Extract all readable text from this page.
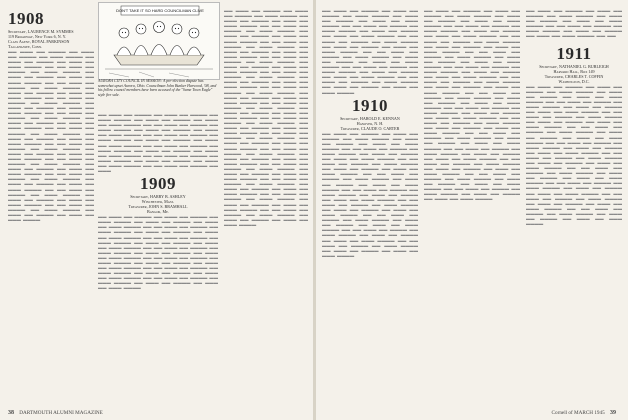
1908

Secretary, LAURENCE M. SYMMES

119 Broadway, New York 6, N. Y.

Class Agent, ROYAL PARKINSON

Tallahassee, Conn.

▬▬ ▬▬▬ ▬▬ ▬▬▬▬ ▬▬ ▬▬▬ ▬▬ ▬▬▬▬ ▬▬ ▬▬▬ ▬▬▬▬ ▬▬ ▬▬▬ ▬▬ ▬▬▬▬ ▬▬ ▬▬▬ ▬▬ ▬▬▬ ▬▬▬▬ ▬▬ ▬▬ ▬▬▬ ▬▬ ▬▬▬▬ ▬▬ ▬▬▬ ▬▬▬▬ ▬▬ ▬▬▬ ▬▬ ▬▬▬▬ ▬▬ ▬▬▬ ▬▬ ▬▬▬ ▬▬▬▬ ▬▬ ▬▬ ▬▬▬ ▬▬ ▬▬▬▬ ▬▬ ▬▬▬ ▬▬▬▬ ▬▬ ▬▬▬ ▬▬ ▬▬▬▬ ▬▬ ▬▬▬ ▬▬ ▬▬▬ ▬▬▬▬ ▬▬ ▬▬ ▬▬▬ ▬▬ ▬▬▬▬ ▬▬ ▬▬▬ ▬▬▬▬ ▬▬ ▬▬▬ ▬▬ ▬▬▬▬ ▬▬ ▬▬▬ ▬▬ ▬▬▬ ▬▬▬▬ ▬▬ ▬▬ ▬▬▬ ▬▬ ▬▬▬▬ ▬▬ ▬▬▬ ▬▬▬▬ ▬▬ ▬▬▬ ▬▬ ▬▬▬▬ ▬▬ ▬▬▬ ▬▬ ▬▬▬ ▬▬▬▬ ▬▬ ▬▬ ▬▬▬ ▬▬ ▬▬▬▬ ▬▬ ▬▬▬ ▬▬▬▬ ▬▬ ▬▬▬ ▬▬ ▬▬▬▬ ▬▬ ▬▬▬ ▬▬ ▬▬▬ ▬▬▬▬ ▬▬ ▬▬ ▬▬▬ ▬▬ ▬▬▬▬ ▬▬ ▬▬▬ ▬▬▬▬ ▬▬ ▬▬▬ ▬▬ ▬▬▬▬ ▬▬ ▬▬▬ ▬▬ ▬▬▬ ▬▬▬▬ ▬▬ ▬▬ ▬▬▬ ▬▬ ▬▬▬▬ ▬▬ ▬▬▬ ▬▬▬▬ ▬▬ ▬▬▬ ▬▬ ▬▬▬▬ ▬▬ ▬▬▬ ▬▬ ▬▬▬ ▬▬▬▬ ▬▬ ▬▬ ▬▬▬ ▬▬ ▬▬▬▬ ▬▬ ▬▬▬ ▬▬▬▬ ▬▬ ▬▬▬ ▬▬ ▬▬▬▬ ▬▬ ▬▬▬ ▬▬ ▬▬▬ ▬▬▬▬ ▬▬ ▬▬ ▬▬▬ ▬▬ ▬▬▬▬ ▬▬ ▬▬▬ ▬▬▬▬ ▬▬ ▬▬▬ ▬▬ ▬▬▬▬ ▬▬ ▬▬▬ ▬▬ ▬▬▬ ▬▬▬▬ ▬▬ ▬▬ ▬▬▬ ▬▬ ▬▬▬▬ ▬▬ ▬▬▬ ▬▬▬▬ ▬▬ ▬▬▬ ▬▬ ▬▬▬▬ ▬▬ ▬▬▬ ▬▬ ▬▬▬ ▬▬▬▬
DON'T TAKE IT SO HARD COUNCILMAN CLIVE
AURORA CITY COUNCIL IN SESSION: A pre-election dispute has somewhat upset Aurora, Ohio. Councilman John Bunker Harwood, '08, and his fellow council members have been accused of the "Same Town Eagle" style fire sale.
▬▬ ▬▬▬ ▬▬ ▬▬▬▬ ▬▬ ▬▬▬ ▬▬ ▬▬▬▬ ▬▬ ▬▬▬ ▬▬▬▬ ▬▬ ▬▬▬ ▬▬ ▬▬▬▬ ▬▬ ▬▬▬ ▬▬ ▬▬▬ ▬▬▬▬ ▬▬ ▬▬ ▬▬▬ ▬▬ ▬▬▬▬ ▬▬ ▬▬▬ ▬▬▬▬ ▬▬ ▬▬▬ ▬▬ ▬▬▬▬ ▬▬ ▬▬▬ ▬▬ ▬▬▬ ▬▬▬▬ ▬▬ ▬▬ ▬▬▬ ▬▬ ▬▬▬▬ ▬▬ ▬▬▬ ▬▬▬▬ ▬▬ ▬▬▬ ▬▬ ▬▬▬▬ ▬▬ ▬▬▬ ▬▬ ▬▬▬ ▬▬▬▬ ▬▬ ▬▬ ▬▬▬ ▬▬ ▬▬▬▬ ▬▬ ▬▬▬ ▬▬▬▬ ▬▬ ▬▬▬ ▬▬ ▬▬▬▬ ▬▬ ▬▬▬ ▬▬ ▬▬▬ ▬▬▬▬ ▬▬ ▬▬ ▬▬▬ ▬▬ ▬▬▬▬ ▬▬ ▬▬▬ ▬▬▬▬ ▬▬ ▬▬▬ ▬▬ ▬▬▬▬ ▬▬ ▬▬▬ ▬▬ ▬▬▬ ▬▬▬▬ ▬▬ ▬▬ ▬▬▬ ▬▬ ▬▬▬▬ ▬▬ ▬▬▬
1909

Secretary, HARRY B. ASHLEY

Winchester, Mass.

Treasurer, JOHN S. BRAMHALL

Bangor, Me.

▬▬ ▬▬▬ ▬▬ ▬▬▬▬ ▬▬ ▬▬▬ ▬▬ ▬▬▬▬ ▬▬ ▬▬▬ ▬▬▬▬ ▬▬ ▬▬▬ ▬▬ ▬▬▬▬ ▬▬ ▬▬▬ ▬▬ ▬▬▬ ▬▬▬▬ ▬▬ ▬▬ ▬▬▬ ▬▬ ▬▬▬▬ ▬▬ ▬▬▬ ▬▬▬▬ ▬▬ ▬▬▬ ▬▬ ▬▬▬▬ ▬▬ ▬▬▬ ▬▬ ▬▬▬ ▬▬▬▬ ▬▬ ▬▬ ▬▬▬ ▬▬ ▬▬▬▬ ▬▬ ▬▬▬ ▬▬▬▬ ▬▬ ▬▬▬ ▬▬ ▬▬▬▬ ▬▬ ▬▬▬ ▬▬ ▬▬▬ ▬▬▬▬ ▬▬ ▬▬ ▬▬▬ ▬▬ ▬▬▬▬ ▬▬ ▬▬▬ ▬▬▬▬ ▬▬ ▬▬▬ ▬▬ ▬▬▬▬ ▬▬ ▬▬▬ ▬▬ ▬▬▬ ▬▬▬▬ ▬▬ ▬▬ ▬▬▬ ▬▬ ▬▬▬▬ ▬▬ ▬▬▬ ▬▬▬▬ ▬▬ ▬▬▬ ▬▬ ▬▬▬▬ ▬▬ ▬▬▬ ▬▬ ▬▬▬ ▬▬▬▬ ▬▬ ▬▬ ▬▬▬ ▬▬ ▬▬▬▬ ▬▬ ▬▬▬ ▬▬▬▬ ▬▬ ▬▬▬ ▬▬ ▬▬▬▬ ▬▬ ▬▬▬ ▬▬ ▬▬▬ ▬▬▬▬ ▬▬ ▬▬ ▬▬▬ ▬▬ ▬▬▬▬ ▬▬ ▬▬▬ ▬▬▬▬ ▬▬ ▬▬▬ ▬▬ ▬▬▬▬ ▬▬ ▬▬▬ ▬▬ ▬▬▬ ▬▬▬▬
▬▬ ▬▬▬ ▬▬ ▬▬▬▬ ▬▬ ▬▬▬ ▬▬ ▬▬▬▬ ▬▬ ▬▬▬ ▬▬▬▬ ▬▬ ▬▬▬ ▬▬ ▬▬▬▬ ▬▬ ▬▬▬ ▬▬ ▬▬▬ ▬▬▬▬ ▬▬ ▬▬ ▬▬▬ ▬▬ ▬▬▬▬ ▬▬ ▬▬▬ ▬▬▬▬ ▬▬ ▬▬▬ ▬▬ ▬▬▬▬ ▬▬ ▬▬▬ ▬▬ ▬▬▬ ▬▬▬▬ ▬▬ ▬▬ ▬▬▬ ▬▬ ▬▬▬▬ ▬▬ ▬▬▬ ▬▬▬▬ ▬▬ ▬▬▬ ▬▬ ▬▬▬▬ ▬▬ ▬▬▬ ▬▬ ▬▬▬ ▬▬▬▬ ▬▬ ▬▬ ▬▬▬ ▬▬ ▬▬▬▬ ▬▬ ▬▬▬ ▬▬▬▬ ▬▬ ▬▬▬ ▬▬ ▬▬▬▬ ▬▬ ▬▬▬ ▬▬ ▬▬▬ ▬▬▬▬ ▬▬ ▬▬ ▬▬▬ ▬▬ ▬▬▬▬ ▬▬ ▬▬▬ ▬▬▬▬ ▬▬ ▬▬▬ ▬▬ ▬▬▬▬ ▬▬ ▬▬▬ ▬▬ ▬▬▬ ▬▬▬▬ ▬▬ ▬▬ ▬▬▬ ▬▬ ▬▬▬▬ ▬▬ ▬▬▬ ▬▬▬▬ ▬▬ ▬▬▬ ▬▬ ▬▬▬▬ ▬▬ ▬▬▬ ▬▬ ▬▬▬ ▬▬▬▬ ▬▬ ▬▬ ▬▬▬ ▬▬ ▬▬▬▬ ▬▬ ▬▬▬ ▬▬▬▬ ▬▬ ▬▬▬ ▬▬ ▬▬▬▬ ▬▬ ▬▬▬ ▬▬ ▬▬▬ ▬▬▬▬ ▬▬ ▬▬ ▬▬▬ ▬▬ ▬▬▬▬ ▬▬ ▬▬▬ ▬▬▬▬ ▬▬ ▬▬▬ ▬▬ ▬▬▬▬ ▬▬ ▬▬▬ ▬▬ ▬▬▬ ▬▬▬▬ ▬▬ ▬▬ ▬▬▬ ▬▬ ▬▬▬▬ ▬▬ ▬▬▬ ▬▬▬▬ ▬▬ ▬▬▬ ▬▬ ▬▬▬▬ ▬▬ ▬▬▬ ▬▬ ▬▬▬ ▬▬▬▬ ▬▬ ▬▬ ▬▬▬ ▬▬ ▬▬▬▬ ▬▬ ▬▬▬ ▬▬▬▬ ▬▬ ▬▬▬ ▬▬ ▬▬▬▬ ▬▬ ▬▬▬ ▬▬ ▬▬▬ ▬▬▬▬ ▬▬ ▬▬ ▬▬▬ ▬▬ ▬▬▬▬ ▬▬ ▬▬▬ ▬▬▬▬ ▬▬ ▬▬▬ ▬▬ ▬▬▬▬ ▬▬ ▬▬▬ ▬▬ ▬▬▬ ▬▬▬▬ ▬▬ ▬▬ ▬▬▬ ▬▬ ▬▬▬▬ ▬▬ ▬▬▬ ▬▬▬▬ ▬▬ ▬▬▬ ▬▬ ▬▬▬▬ ▬▬ ▬▬▬ ▬▬ ▬▬▬ ▬▬▬▬ ▬▬ ▬▬ ▬▬▬ ▬▬ ▬▬▬▬ ▬▬ ▬▬▬ ▬▬▬▬ ▬▬ ▬▬▬ ▬▬ ▬▬▬▬ ▬▬ ▬▬▬ ▬▬ ▬▬▬ ▬▬▬▬ ▬▬ ▬▬ ▬▬▬ ▬▬ ▬▬▬▬ ▬▬ ▬▬▬ ▬▬▬▬ ▬▬ ▬▬▬ ▬▬ ▬▬▬▬ ▬▬ ▬▬▬ ▬▬ ▬▬▬ ▬▬▬▬
38 DARTMOUTH ALUMNI MAGAZINE
▬▬ ▬▬▬ ▬▬ ▬▬▬▬ ▬▬ ▬▬▬ ▬▬ ▬▬▬▬ ▬▬ ▬▬▬ ▬▬▬▬ ▬▬ ▬▬▬ ▬▬ ▬▬▬▬ ▬▬ ▬▬▬ ▬▬ ▬▬▬ ▬▬▬▬ ▬▬ ▬▬ ▬▬▬ ▬▬ ▬▬▬▬ ▬▬ ▬▬▬ ▬▬▬▬ ▬▬ ▬▬▬ ▬▬ ▬▬▬▬ ▬▬ ▬▬▬ ▬▬ ▬▬▬ ▬▬▬▬ ▬▬ ▬▬ ▬▬▬ ▬▬ ▬▬▬▬ ▬▬ ▬▬▬ ▬▬▬▬ ▬▬ ▬▬▬ ▬▬ ▬▬▬▬ ▬▬ ▬▬▬ ▬▬ ▬▬▬ ▬▬▬▬ ▬▬ ▬▬ ▬▬▬ ▬▬ ▬▬▬▬ ▬▬ ▬▬▬ ▬▬▬▬ ▬▬ ▬▬▬ ▬▬ ▬▬▬▬ ▬▬ ▬▬▬ ▬▬ ▬▬▬ ▬▬▬▬ ▬▬ ▬▬ ▬▬▬ ▬▬ ▬▬▬▬ ▬▬ ▬▬▬ ▬▬▬▬ ▬▬ ▬▬▬ ▬▬ ▬▬▬▬ ▬▬ ▬▬▬ ▬▬ ▬▬▬ ▬▬▬▬ ▬▬ ▬▬ ▬▬▬ ▬▬ ▬▬▬▬ ▬▬ ▬▬▬ ▬▬▬▬ ▬▬ ▬▬▬ ▬▬ ▬▬▬▬ ▬▬ ▬▬▬ ▬▬ ▬▬▬ ▬▬▬▬
1910

Secretary, HAROLD E. KENNAN

Hanover, N. H.

Treasurer, CLAUDE O. CARTER

▬▬ ▬▬▬ ▬▬ ▬▬▬▬ ▬▬ ▬▬▬ ▬▬ ▬▬▬▬ ▬▬ ▬▬▬ ▬▬▬▬ ▬▬ ▬▬▬ ▬▬ ▬▬▬▬ ▬▬ ▬▬▬ ▬▬ ▬▬▬ ▬▬▬▬ ▬▬ ▬▬ ▬▬▬ ▬▬ ▬▬▬▬ ▬▬ ▬▬▬ ▬▬▬▬ ▬▬ ▬▬▬ ▬▬ ▬▬▬▬ ▬▬ ▬▬▬ ▬▬ ▬▬▬ ▬▬▬▬ ▬▬ ▬▬ ▬▬▬ ▬▬ ▬▬▬▬ ▬▬ ▬▬▬ ▬▬▬▬ ▬▬ ▬▬▬ ▬▬ ▬▬▬▬ ▬▬ ▬▬▬ ▬▬ ▬▬▬ ▬▬▬▬ ▬▬ ▬▬ ▬▬▬ ▬▬ ▬▬▬▬ ▬▬ ▬▬▬ ▬▬▬▬ ▬▬ ▬▬▬ ▬▬ ▬▬▬▬ ▬▬ ▬▬▬ ▬▬ ▬▬▬ ▬▬▬▬ ▬▬ ▬▬ ▬▬▬ ▬▬ ▬▬▬▬ ▬▬ ▬▬▬ ▬▬▬▬ ▬▬ ▬▬▬ ▬▬ ▬▬▬▬ ▬▬ ▬▬▬ ▬▬ ▬▬▬ ▬▬▬▬ ▬▬ ▬▬ ▬▬▬ ▬▬ ▬▬▬▬ ▬▬ ▬▬▬ ▬▬▬▬ ▬▬ ▬▬▬ ▬▬ ▬▬▬▬ ▬▬ ▬▬▬ ▬▬ ▬▬▬ ▬▬▬▬ ▬▬ ▬▬ ▬▬▬ ▬▬ ▬▬▬▬ ▬▬ ▬▬▬ ▬▬▬▬ ▬▬ ▬▬▬ ▬▬ ▬▬▬▬ ▬▬ ▬▬▬ ▬▬ ▬▬▬ ▬▬▬▬ ▬▬ ▬▬ ▬▬▬ ▬▬ ▬▬▬▬ ▬▬ ▬▬▬ ▬▬▬▬ ▬▬ ▬▬▬ ▬▬ ▬▬▬▬ ▬▬ ▬▬▬ ▬▬ ▬▬▬ ▬▬▬▬ ▬▬ ▬▬ ▬▬▬ ▬▬ ▬▬▬▬ ▬▬ ▬▬▬ ▬▬▬▬ ▬▬ ▬▬▬ ▬▬ ▬▬▬▬ ▬▬ ▬▬▬ ▬▬ ▬▬▬ ▬▬▬▬
▬▬ ▬▬▬ ▬▬ ▬▬▬▬ ▬▬ ▬▬▬ ▬▬ ▬▬▬▬ ▬▬ ▬▬▬ ▬▬▬▬ ▬▬ ▬▬▬ ▬▬ ▬▬▬▬ ▬▬ ▬▬▬ ▬▬ ▬▬▬ ▬▬▬▬ ▬▬ ▬▬ ▬▬▬ ▬▬ ▬▬▬▬ ▬▬ ▬▬▬ ▬▬▬▬ ▬▬ ▬▬▬ ▬▬ ▬▬▬▬ ▬▬ ▬▬▬ ▬▬ ▬▬▬ ▬▬▬▬ ▬▬ ▬▬ ▬▬▬ ▬▬ ▬▬▬▬ ▬▬ ▬▬▬ ▬▬▬▬ ▬▬ ▬▬▬ ▬▬ ▬▬▬▬ ▬▬ ▬▬▬ ▬▬ ▬▬▬ ▬▬▬▬ ▬▬ ▬▬ ▬▬▬ ▬▬ ▬▬▬▬ ▬▬ ▬▬▬ ▬▬▬▬ ▬▬ ▬▬▬ ▬▬ ▬▬▬▬ ▬▬ ▬▬▬ ▬▬ ▬▬▬ ▬▬▬▬ ▬▬ ▬▬ ▬▬▬ ▬▬ ▬▬▬▬ ▬▬ ▬▬▬ ▬▬▬▬ ▬▬ ▬▬▬ ▬▬ ▬▬▬▬ ▬▬ ▬▬▬ ▬▬ ▬▬▬ ▬▬▬▬ ▬▬ ▬▬ ▬▬▬ ▬▬ ▬▬▬▬ ▬▬ ▬▬▬ ▬▬▬▬ ▬▬ ▬▬▬ ▬▬ ▬▬▬▬ ▬▬ ▬▬▬ ▬▬ ▬▬▬ ▬▬▬▬ ▬▬ ▬▬ ▬▬▬ ▬▬ ▬▬▬▬ ▬▬ ▬▬▬ ▬▬▬▬ ▬▬ ▬▬▬ ▬▬ ▬▬▬▬ ▬▬ ▬▬▬ ▬▬ ▬▬▬ ▬▬▬▬ ▬▬ ▬▬ ▬▬▬ ▬▬ ▬▬▬▬ ▬▬ ▬▬▬ ▬▬▬▬ ▬▬ ▬▬▬ ▬▬ ▬▬▬▬ ▬▬ ▬▬▬ ▬▬ ▬▬▬ ▬▬▬▬ ▬▬ ▬▬ ▬▬▬ ▬▬ ▬▬▬▬ ▬▬ ▬▬▬ ▬▬▬▬ ▬▬ ▬▬▬ ▬▬ ▬▬▬▬ ▬▬ ▬▬▬ ▬▬ ▬▬▬ ▬▬▬▬ ▬▬ ▬▬ ▬▬▬ ▬▬ ▬▬▬▬ ▬▬ ▬▬▬ ▬▬▬▬ ▬▬ ▬▬▬ ▬▬ ▬▬▬▬ ▬▬ ▬▬▬ ▬▬ ▬▬▬ ▬▬▬▬ ▬▬ ▬▬ ▬▬▬ ▬▬ ▬▬▬▬ ▬▬ ▬▬▬ ▬▬▬▬ ▬▬ ▬▬▬ ▬▬ ▬▬▬▬ ▬▬ ▬▬▬ ▬▬ ▬▬▬ ▬▬▬▬ ▬▬ ▬▬ ▬▬▬ ▬▬ ▬▬▬▬ ▬▬ ▬▬▬ ▬▬▬▬ ▬▬ ▬▬▬ ▬▬ ▬▬▬▬ ▬▬ ▬▬▬ ▬▬ ▬▬▬ ▬▬▬▬ ▬▬ ▬▬ ▬▬▬ ▬▬ ▬▬▬▬ ▬▬ ▬▬▬ ▬▬▬▬ ▬▬ ▬▬▬ ▬▬ ▬▬▬▬ ▬▬ ▬▬▬ ▬▬ ▬▬▬ ▬▬▬▬ ▬▬ ▬▬ ▬▬▬ ▬▬ ▬▬▬▬ ▬▬ ▬▬▬ ▬▬▬▬ ▬▬ ▬▬▬ ▬▬ ▬▬▬▬ ▬▬ ▬▬▬ ▬▬ ▬▬▬ ▬▬▬▬
▬▬ ▬▬▬ ▬▬ ▬▬▬▬ ▬▬ ▬▬▬ ▬▬ ▬▬▬▬ ▬▬ ▬▬▬ ▬▬▬▬ ▬▬ ▬▬▬ ▬▬ ▬▬▬▬ ▬▬ ▬▬▬ ▬▬ ▬▬▬ ▬▬▬▬ ▬▬ ▬▬ ▬▬▬ ▬▬ ▬▬▬▬ ▬▬ ▬▬▬ ▬▬▬▬ ▬▬ ▬▬▬ ▬▬ ▬▬▬▬ ▬▬ ▬▬▬ ▬▬ ▬▬▬ ▬▬▬▬ ▬▬ ▬▬
1911

Secretary, NATHANIEL G. BURLEIGH

Harvard Hall, Box 149

Treasurer, CHARLES T. COFFIN

Washington, D.C.

▬▬ ▬▬▬ ▬▬ ▬▬▬▬ ▬▬ ▬▬▬ ▬▬ ▬▬▬▬ ▬▬ ▬▬▬ ▬▬▬▬ ▬▬ ▬▬▬ ▬▬ ▬▬▬▬ ▬▬ ▬▬▬ ▬▬ ▬▬▬ ▬▬▬▬ ▬▬ ▬▬ ▬▬▬ ▬▬ ▬▬▬▬ ▬▬ ▬▬▬ ▬▬▬▬ ▬▬ ▬▬▬ ▬▬ ▬▬▬▬ ▬▬ ▬▬▬ ▬▬ ▬▬▬ ▬▬▬▬ ▬▬ ▬▬ ▬▬▬ ▬▬ ▬▬▬▬ ▬▬ ▬▬▬ ▬▬▬▬ ▬▬ ▬▬▬ ▬▬ ▬▬▬▬ ▬▬ ▬▬▬ ▬▬ ▬▬▬ ▬▬▬▬ ▬▬ ▬▬ ▬▬▬ ▬▬ ▬▬▬▬ ▬▬ ▬▬▬ ▬▬▬▬ ▬▬ ▬▬▬ ▬▬ ▬▬▬▬ ▬▬ ▬▬▬ ▬▬ ▬▬▬ ▬▬▬▬ ▬▬ ▬▬ ▬▬▬ ▬▬ ▬▬▬▬ ▬▬ ▬▬▬ ▬▬▬▬ ▬▬ ▬▬▬ ▬▬ ▬▬▬▬ ▬▬ ▬▬▬ ▬▬ ▬▬▬ ▬▬▬▬ ▬▬ ▬▬ ▬▬▬ ▬▬ ▬▬▬▬ ▬▬ ▬▬▬ ▬▬▬▬ ▬▬ ▬▬▬ ▬▬ ▬▬▬▬ ▬▬ ▬▬▬ ▬▬ ▬▬▬ ▬▬▬▬ ▬▬ ▬▬ ▬▬▬ ▬▬ ▬▬▬▬ ▬▬ ▬▬▬ ▬▬▬▬ ▬▬ ▬▬▬ ▬▬ ▬▬▬▬ ▬▬ ▬▬▬ ▬▬ ▬▬▬ ▬▬▬▬ ▬▬ ▬▬ ▬▬▬ ▬▬ ▬▬▬▬ ▬▬ ▬▬▬ ▬▬▬▬ ▬▬ ▬▬▬ ▬▬ ▬▬▬▬ ▬▬ ▬▬▬ ▬▬ ▬▬▬ ▬▬▬▬ ▬▬ ▬▬ ▬▬▬ ▬▬ ▬▬▬▬ ▬▬ ▬▬▬ ▬▬▬▬ ▬▬ ▬▬▬ ▬▬ ▬▬▬▬ ▬▬ ▬▬▬ ▬▬ ▬▬▬ ▬▬▬▬ ▬▬ ▬▬ ▬▬▬ ▬▬ ▬▬▬▬ ▬▬ ▬▬▬ ▬▬▬▬ ▬▬ ▬▬▬ ▬▬ ▬▬▬▬ ▬▬ ▬▬▬ ▬▬ ▬▬▬ ▬▬▬▬
Cornell of MARCH 1945 39
